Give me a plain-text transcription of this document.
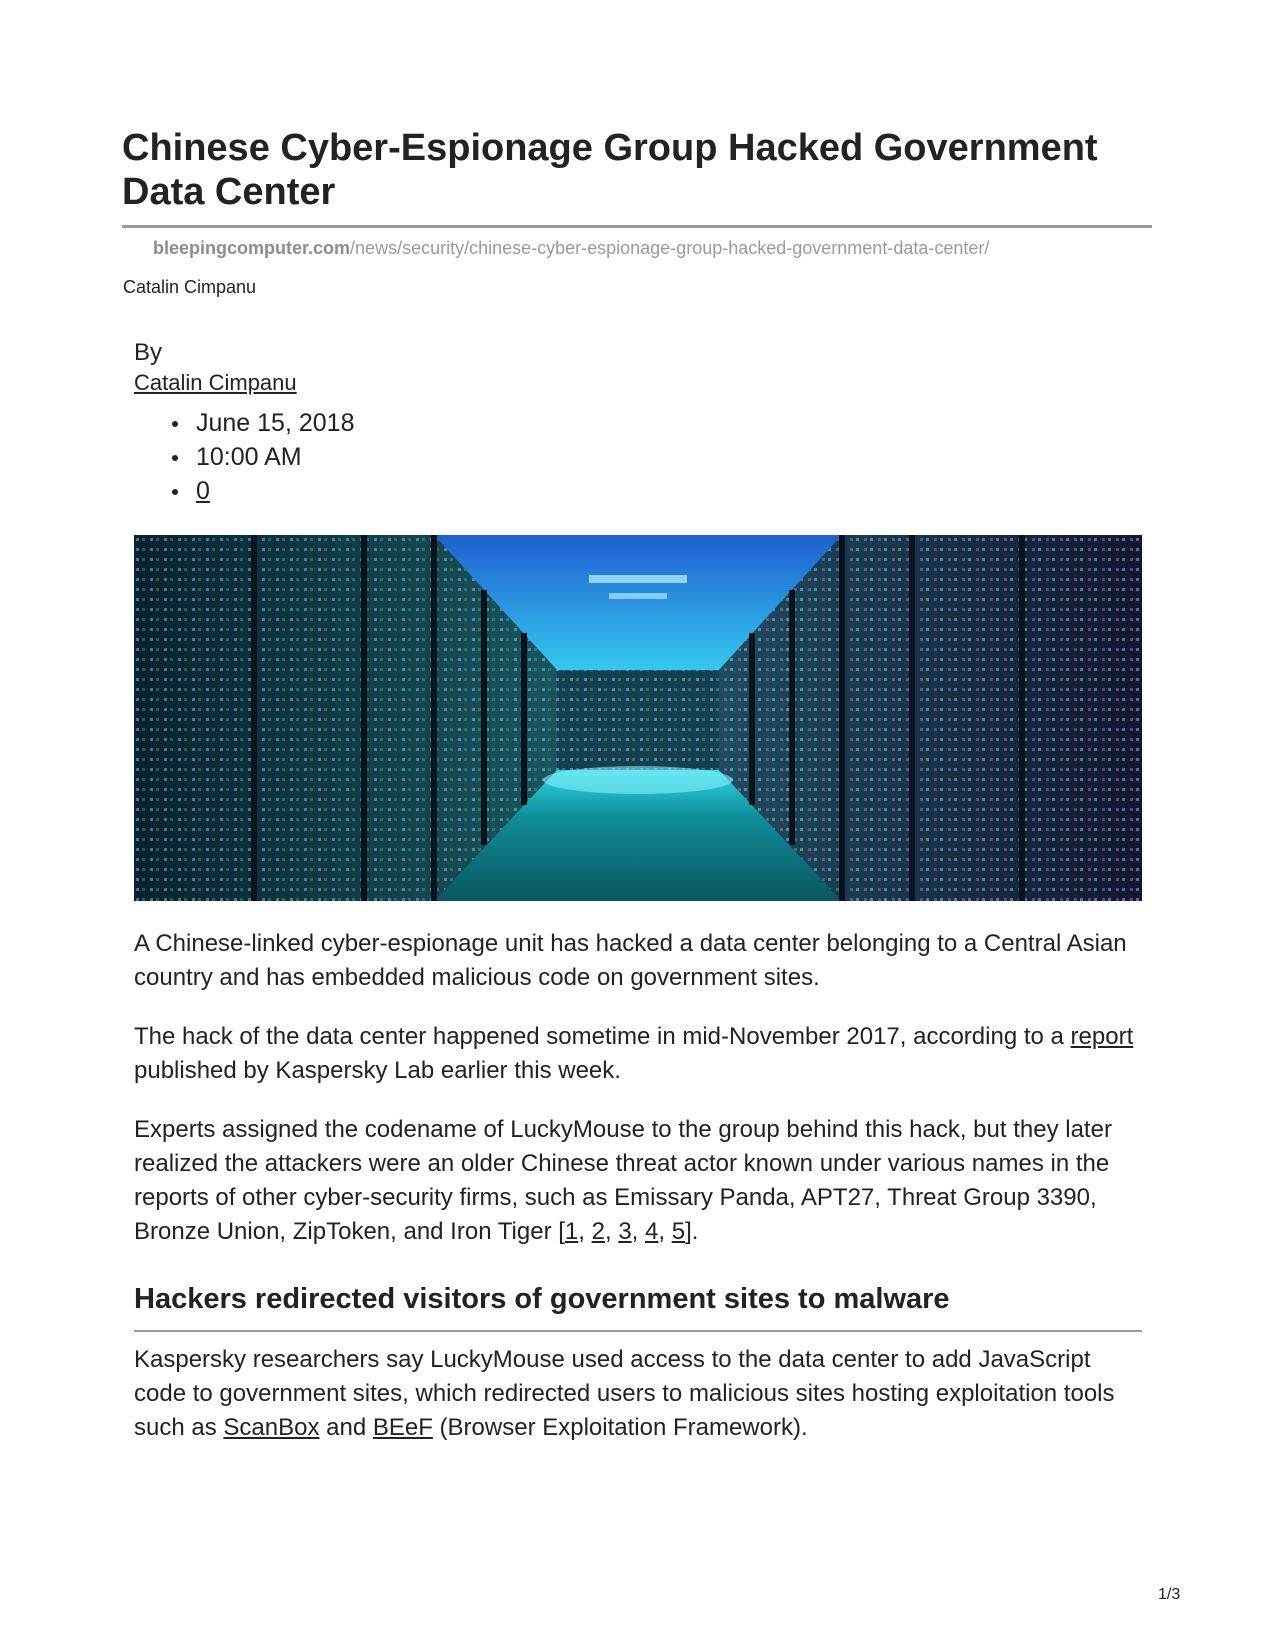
Chinese Cyber-Espionage Group Hacked Government Data Center
bleepingcomputer.com/news/security/chinese-cyber-espionage-group-hacked-government-data-center/
Catalin Cimpanu
By
Catalin Cimpanu
June 15, 2018
10:00 AM
0

A Chinese-linked cyber-espionage unit has hacked a data center belonging to a Central Asian country and has embedded malicious code on government sites.

The hack of the data center happened sometime in mid-November 2017, according to a report published by Kaspersky Lab earlier this week.

Experts assigned the codename of LuckyMouse to the group behind this hack, but they later realized the attackers were an older Chinese threat actor known under various names in the reports of other cyber-security firms, such as Emissary Panda, APT27, Threat Group 3390, Bronze Union, ZipToken, and Iron Tiger [1, 2, 3, 4, 5].

Hackers redirected visitors of government sites to malware

Kaspersky researchers say LuckyMouse used access to the data center to add JavaScript code to government sites, which redirected users to malicious sites hosting exploitation tools such as ScanBox and BEeF (Browser Exploitation Framework).

1/3
